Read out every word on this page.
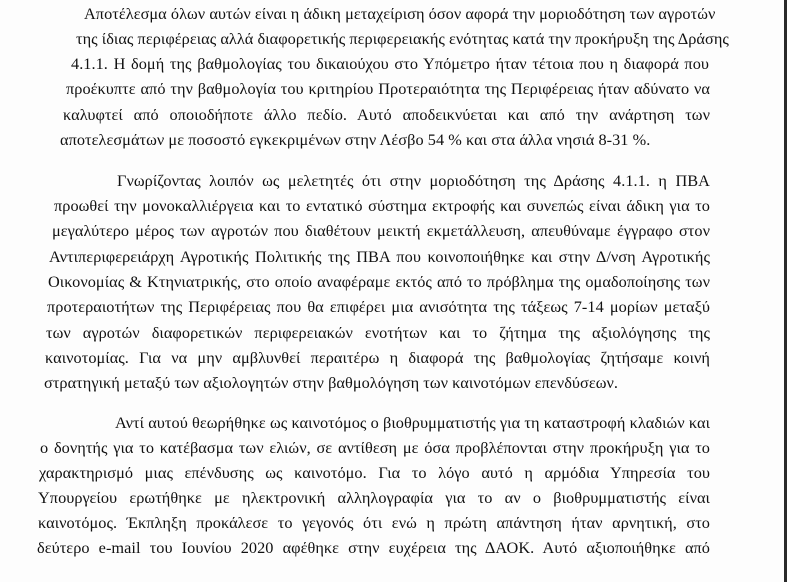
Αποτέλεσμα όλων αυτών είναι η άδικη μεταχείριση όσον αφορά την μοριοδότηση των αγροτών

της ίδιας περιφέρειας αλλά διαφορετικής περιφερειακής ενότητας κατά την προκήρυξη της Δράσης

4.1.1. Η δομή της βαθμολογίας του δικαιούχου στο Υπόμετρο ήταν τέτοια που η διαφορά που

προέκυπτε από την βαθμολογία του κριτηρίου Προτεραιότητα της Περιφέρειας ήταν αδύνατο να

καλυφτεί από οποιοδήποτε άλλο πεδίο. Αυτό αποδεικνύεται και από την ανάρτηση των

αποτελεσμάτων με ποσοστό εγκεκριμένων στην Λέσβο 54 % και στα άλλα νησιά 8-31 %.

Γνωρίζοντας λοιπόν ως μελετητές ότι στην μοριοδότηση της Δράσης 4.1.1. η ΠΒΑ

προωθεί την μονοκαλλιέργεια και το εντατικό σύστημα εκτροφής και συνεπώς είναι άδικη για το

μεγαλύτερο μέρος των αγροτών που διαθέτουν μεικτή εκμετάλλευση, απευθύναμε έγγραφο στον

Αντιπεριφερειάρχη Αγροτικής Πολιτικής της ΠΒΑ που κοινοποιήθηκε και στην Δ/νση Αγροτικής

Οικονομίας & Κτηνιατρικής, στο οποίο αναφέραμε εκτός από το πρόβλημα της ομαδοποίησης των

προτεραιοτήτων της Περιφέρειας που θα επιφέρει μια ανισότητα της τάξεως 7-14 μορίων μεταξύ

των αγροτών διαφορετικών περιφερειακών ενοτήτων και το ζήτημα της αξιολόγησης της

καινοτομίας. Για να μην αμβλυνθεί περαιτέρω η διαφορά της βαθμολογίας ζητήσαμε κοινή

στρατηγική μεταξύ των αξιολογητών στην βαθμολόγηση των καινοτόμων επενδύσεων.

Αντί αυτού θεωρήθηκε ως καινοτόμος ο βιοθρυμματιστής για τη καταστροφή κλαδιών και

ο δονητής για το κατέβασμα των ελιών, σε αντίθεση με όσα προβλέπονται στην προκήρυξη για το

χαρακτηρισμό μιας επένδυσης ως καινοτόμο. Για το λόγο αυτό η αρμόδια Υπηρεσία του

Υπουργείου ερωτήθηκε με ηλεκτρονική αλληλογραφία για το αν ο βιοθρυμματιστής είναι

καινοτόμος. Έκπληξη προκάλεσε το γεγονός ότι ενώ η πρώτη απάντηση ήταν αρνητική, στο

δεύτερο e-mail του Ιουνίου 2020 αφέθηκε στην ευχέρεια της ΔΑΟΚ. Αυτό αξιοποιήθηκε από
